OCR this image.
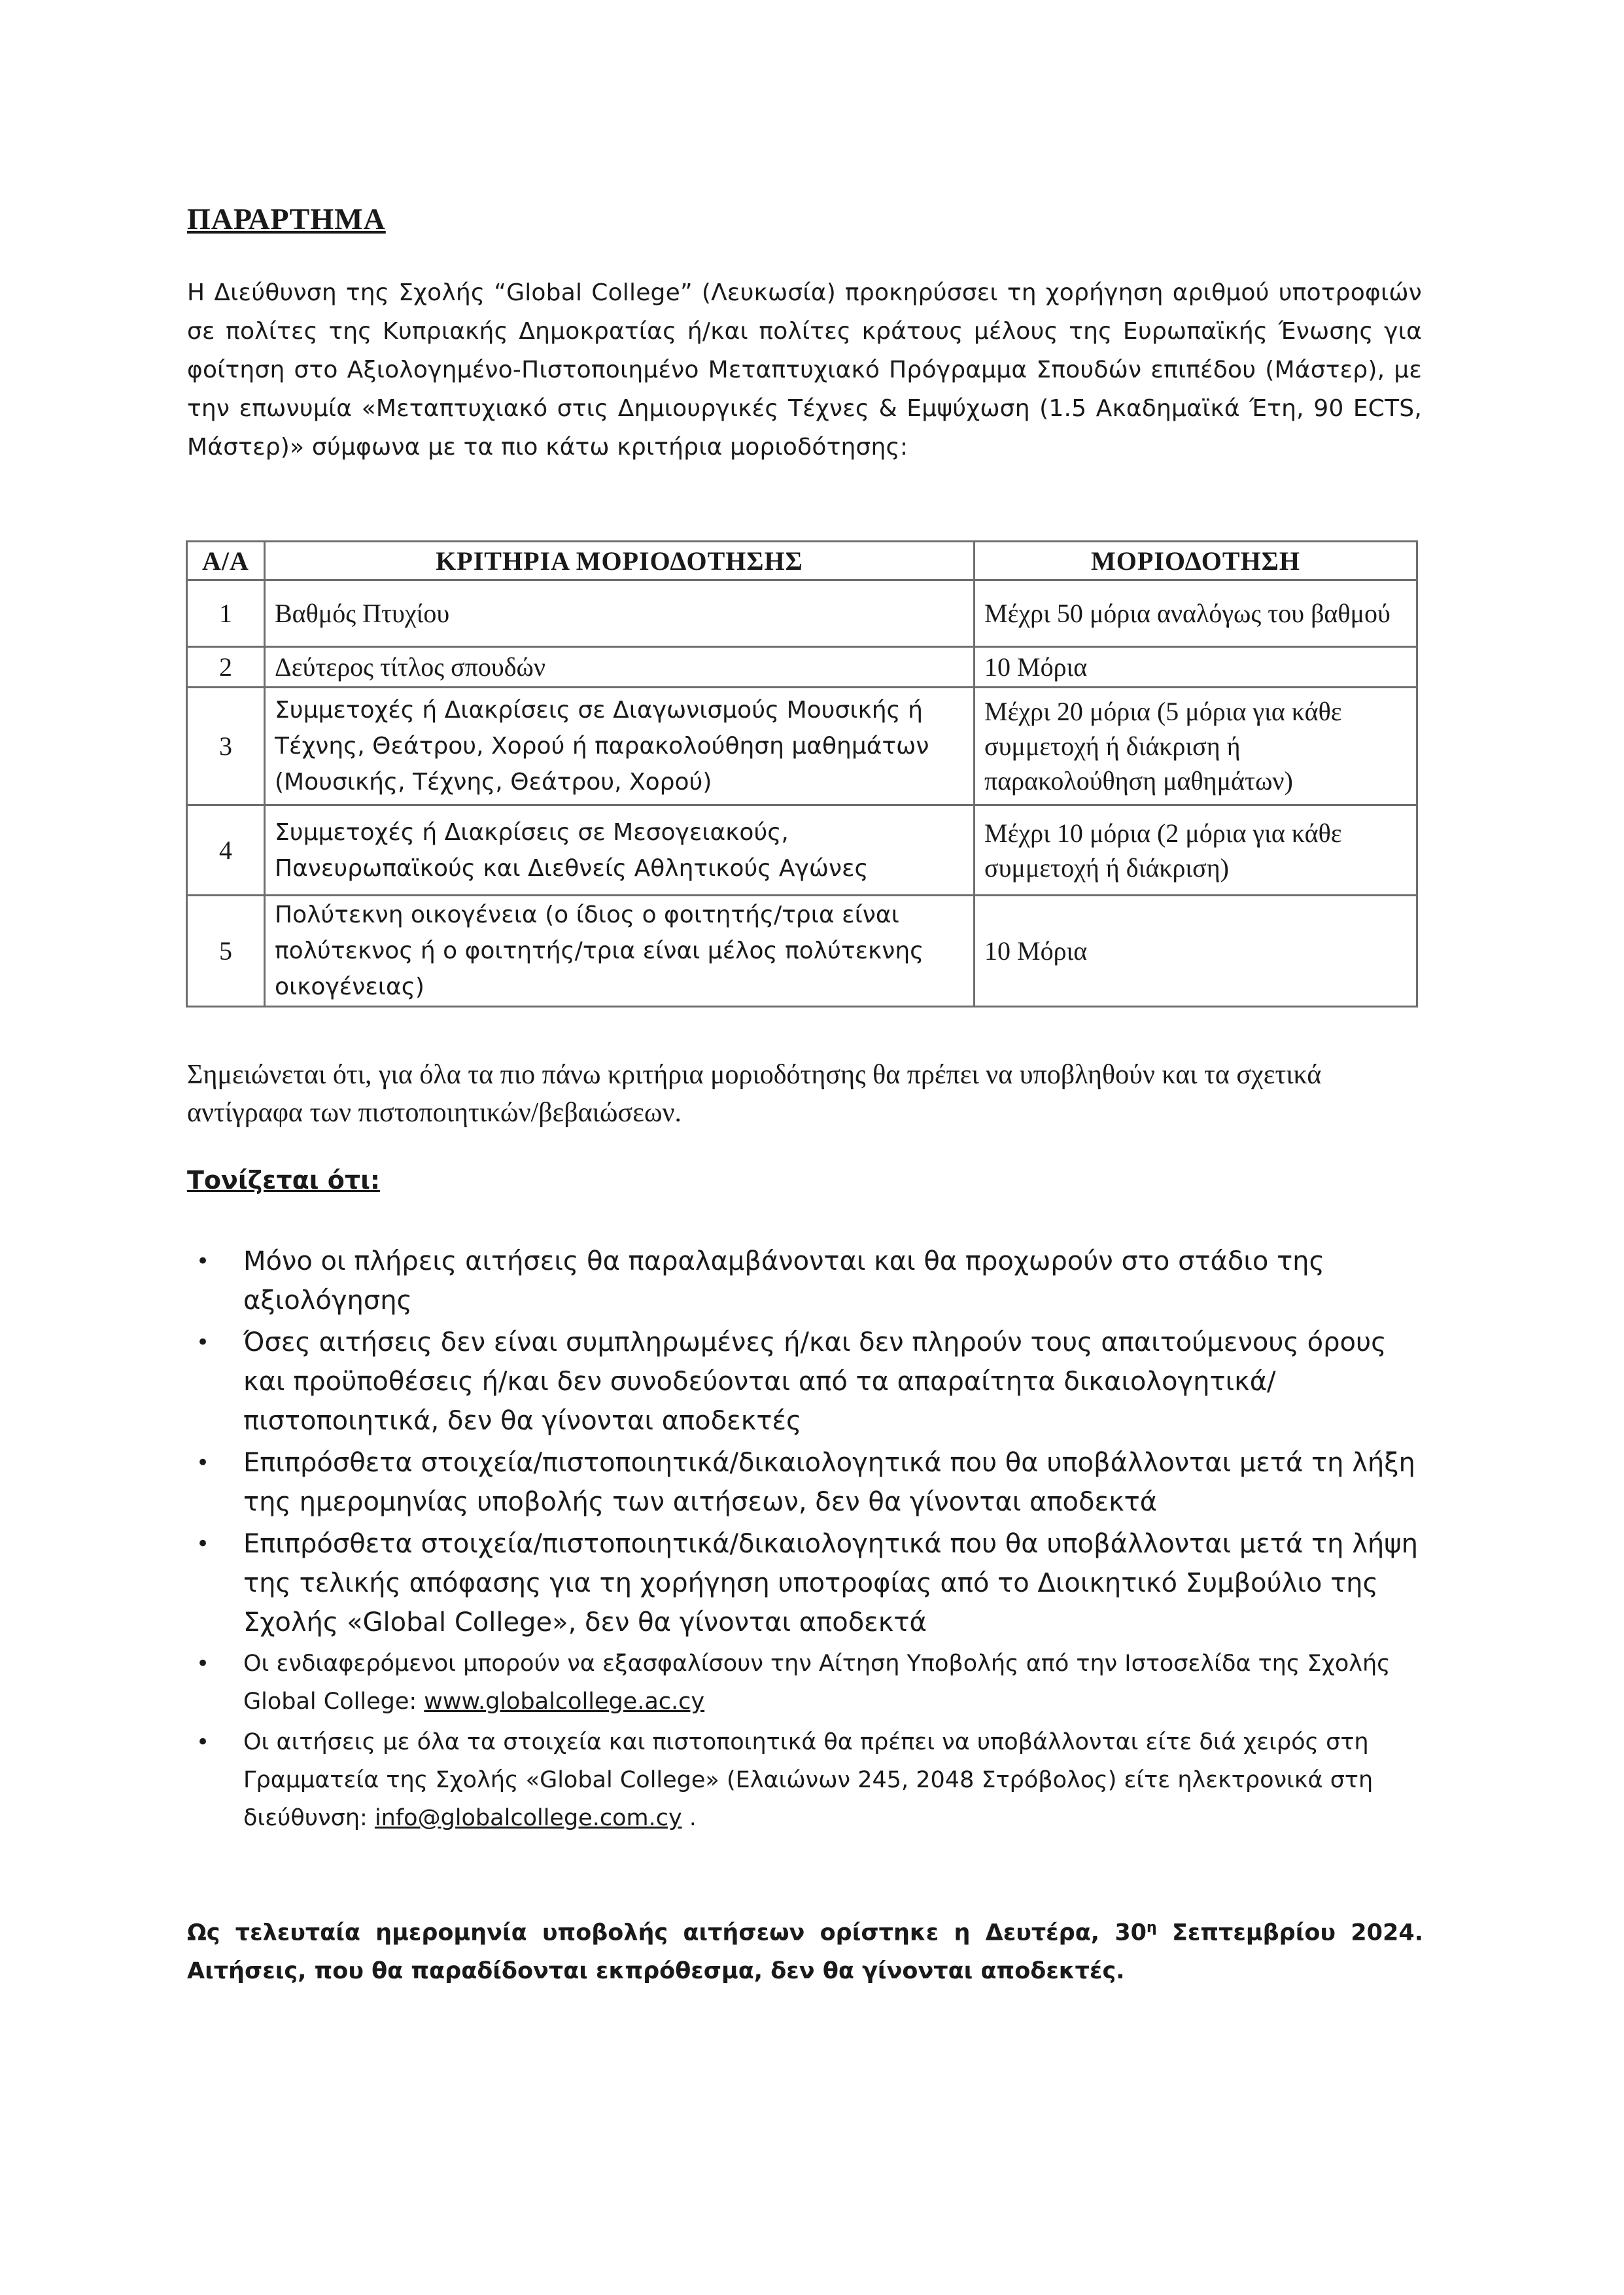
ΠΑΡΑΡΤΗΜΑ
Η Διεύθυνση της Σχολής “Global College” (Λευκωσία) προκηρύσσει τη χορήγηση αριθμού υποτροφιών σε πολίτες της Κυπριακής Δημοκρατίας ή/και πολίτες κράτους μέλους της Ευρωπαϊκής Ένωσης για φοίτηση στο Αξιολογημένο-Πιστοποιημένο Μεταπτυχιακό Πρόγραμμα Σπουδών επιπέδου (Μάστερ), με την επωνυμία «Μεταπτυχιακό στις Δημιουργικές Τέχνες & Εμψύχωση (1.5 Ακαδημαϊκά Έτη, 90 ECTS, Μάστερ)» σύμφωνα με τα πιο κάτω κριτήρια μοριοδότησης:
Α/Α	ΚΡΙΤΗΡΙΑ ΜΟΡΙΟΔΟΤΗΣΗΣ	ΜΟΡΙΟΔΟΤΗΣΗ
1	Βαθμός Πτυχίου	Μέχρι 50 μόρια αναλόγως του βαθμού
2	Δεύτερος τίτλος σπουδών	10 Μόρια
3	Συμμετοχές ή Διακρίσεις σε Διαγωνισμούς Μουσικής ή Τέχνης, Θεάτρου, Χορού ή παρακολούθηση μαθημάτων (Μουσικής, Τέχνης, Θεάτρου, Χορού)	Μέχρι 20 μόρια (5 μόρια για κάθε συμμετοχή ή διάκριση ή παρακολούθηση μαθημάτων)
4	Συμμετοχές ή Διακρίσεις σε Μεσογειακούς, Πανευρωπαϊκούς και Διεθνείς Αθλητικούς Αγώνες	Μέχρι 10 μόρια (2 μόρια για κάθε συμμετοχή ή διάκριση)
5	Πολύτεκνη οικογένεια (ο ίδιος ο φοιτητής/τρια είναι πολύτεκνος ή ο φοιτητής/τρια είναι μέλος πολύτεκνης οικογένειας)	10 Μόρια
Σημειώνεται ότι, για όλα τα πιο πάνω κριτήρια μοριοδότησης θα πρέπει να υποβληθούν και τα σχετικά αντίγραφα των πιστοποιητικών/βεβαιώσεων.
Τονίζεται ότι:
• Μόνο οι πλήρεις αιτήσεις θα παραλαμβάνονται και θα προχωρούν στο στάδιο της αξιολόγησης
• Όσες αιτήσεις δεν είναι συμπληρωμένες ή/και δεν πληρούν τους απαιτούμενους όρους και προϋποθέσεις ή/και δεν συνοδεύονται από τα απαραίτητα δικαιολογητικά/πιστοποιητικά, δεν θα γίνονται αποδεκτές
• Επιπρόσθετα στοιχεία/πιστοποιητικά/δικαιολογητικά που θα υποβάλλονται μετά τη λήξη της ημερομηνίας υποβολής των αιτήσεων, δεν θα γίνονται αποδεκτά
• Επιπρόσθετα στοιχεία/πιστοποιητικά/δικαιολογητικά που θα υποβάλλονται μετά τη λήψη της τελικής απόφασης για τη χορήγηση υποτροφίας από το Διοικητικό Συμβούλιο της Σχολής «Global College», δεν θα γίνονται αποδεκτά
• Οι ενδιαφερόμενοι μπορούν να εξασφαλίσουν την Αίτηση Υποβολής από την Ιστοσελίδα της Σχολής Global College: www.globalcollege.ac.cy
• Οι αιτήσεις με όλα τα στοιχεία και πιστοποιητικά θα πρέπει να υποβάλλονται είτε διά χειρός στη Γραμματεία της Σχολής «Global College» (Ελαιώνων 245, 2048 Στρόβολος) είτε ηλεκτρονικά στη διεύθυνση: info@globalcollege.com.cy .
Ως τελευταία ημερομηνία υποβολής αιτήσεων ορίστηκε η Δευτέρα, $30^\eta$ Σεπτεμβρίου 2024. Αιτήσεις, που θα παραδίδονται εκπρόθεσμα, δεν θα γίνονται αποδεκτές.
